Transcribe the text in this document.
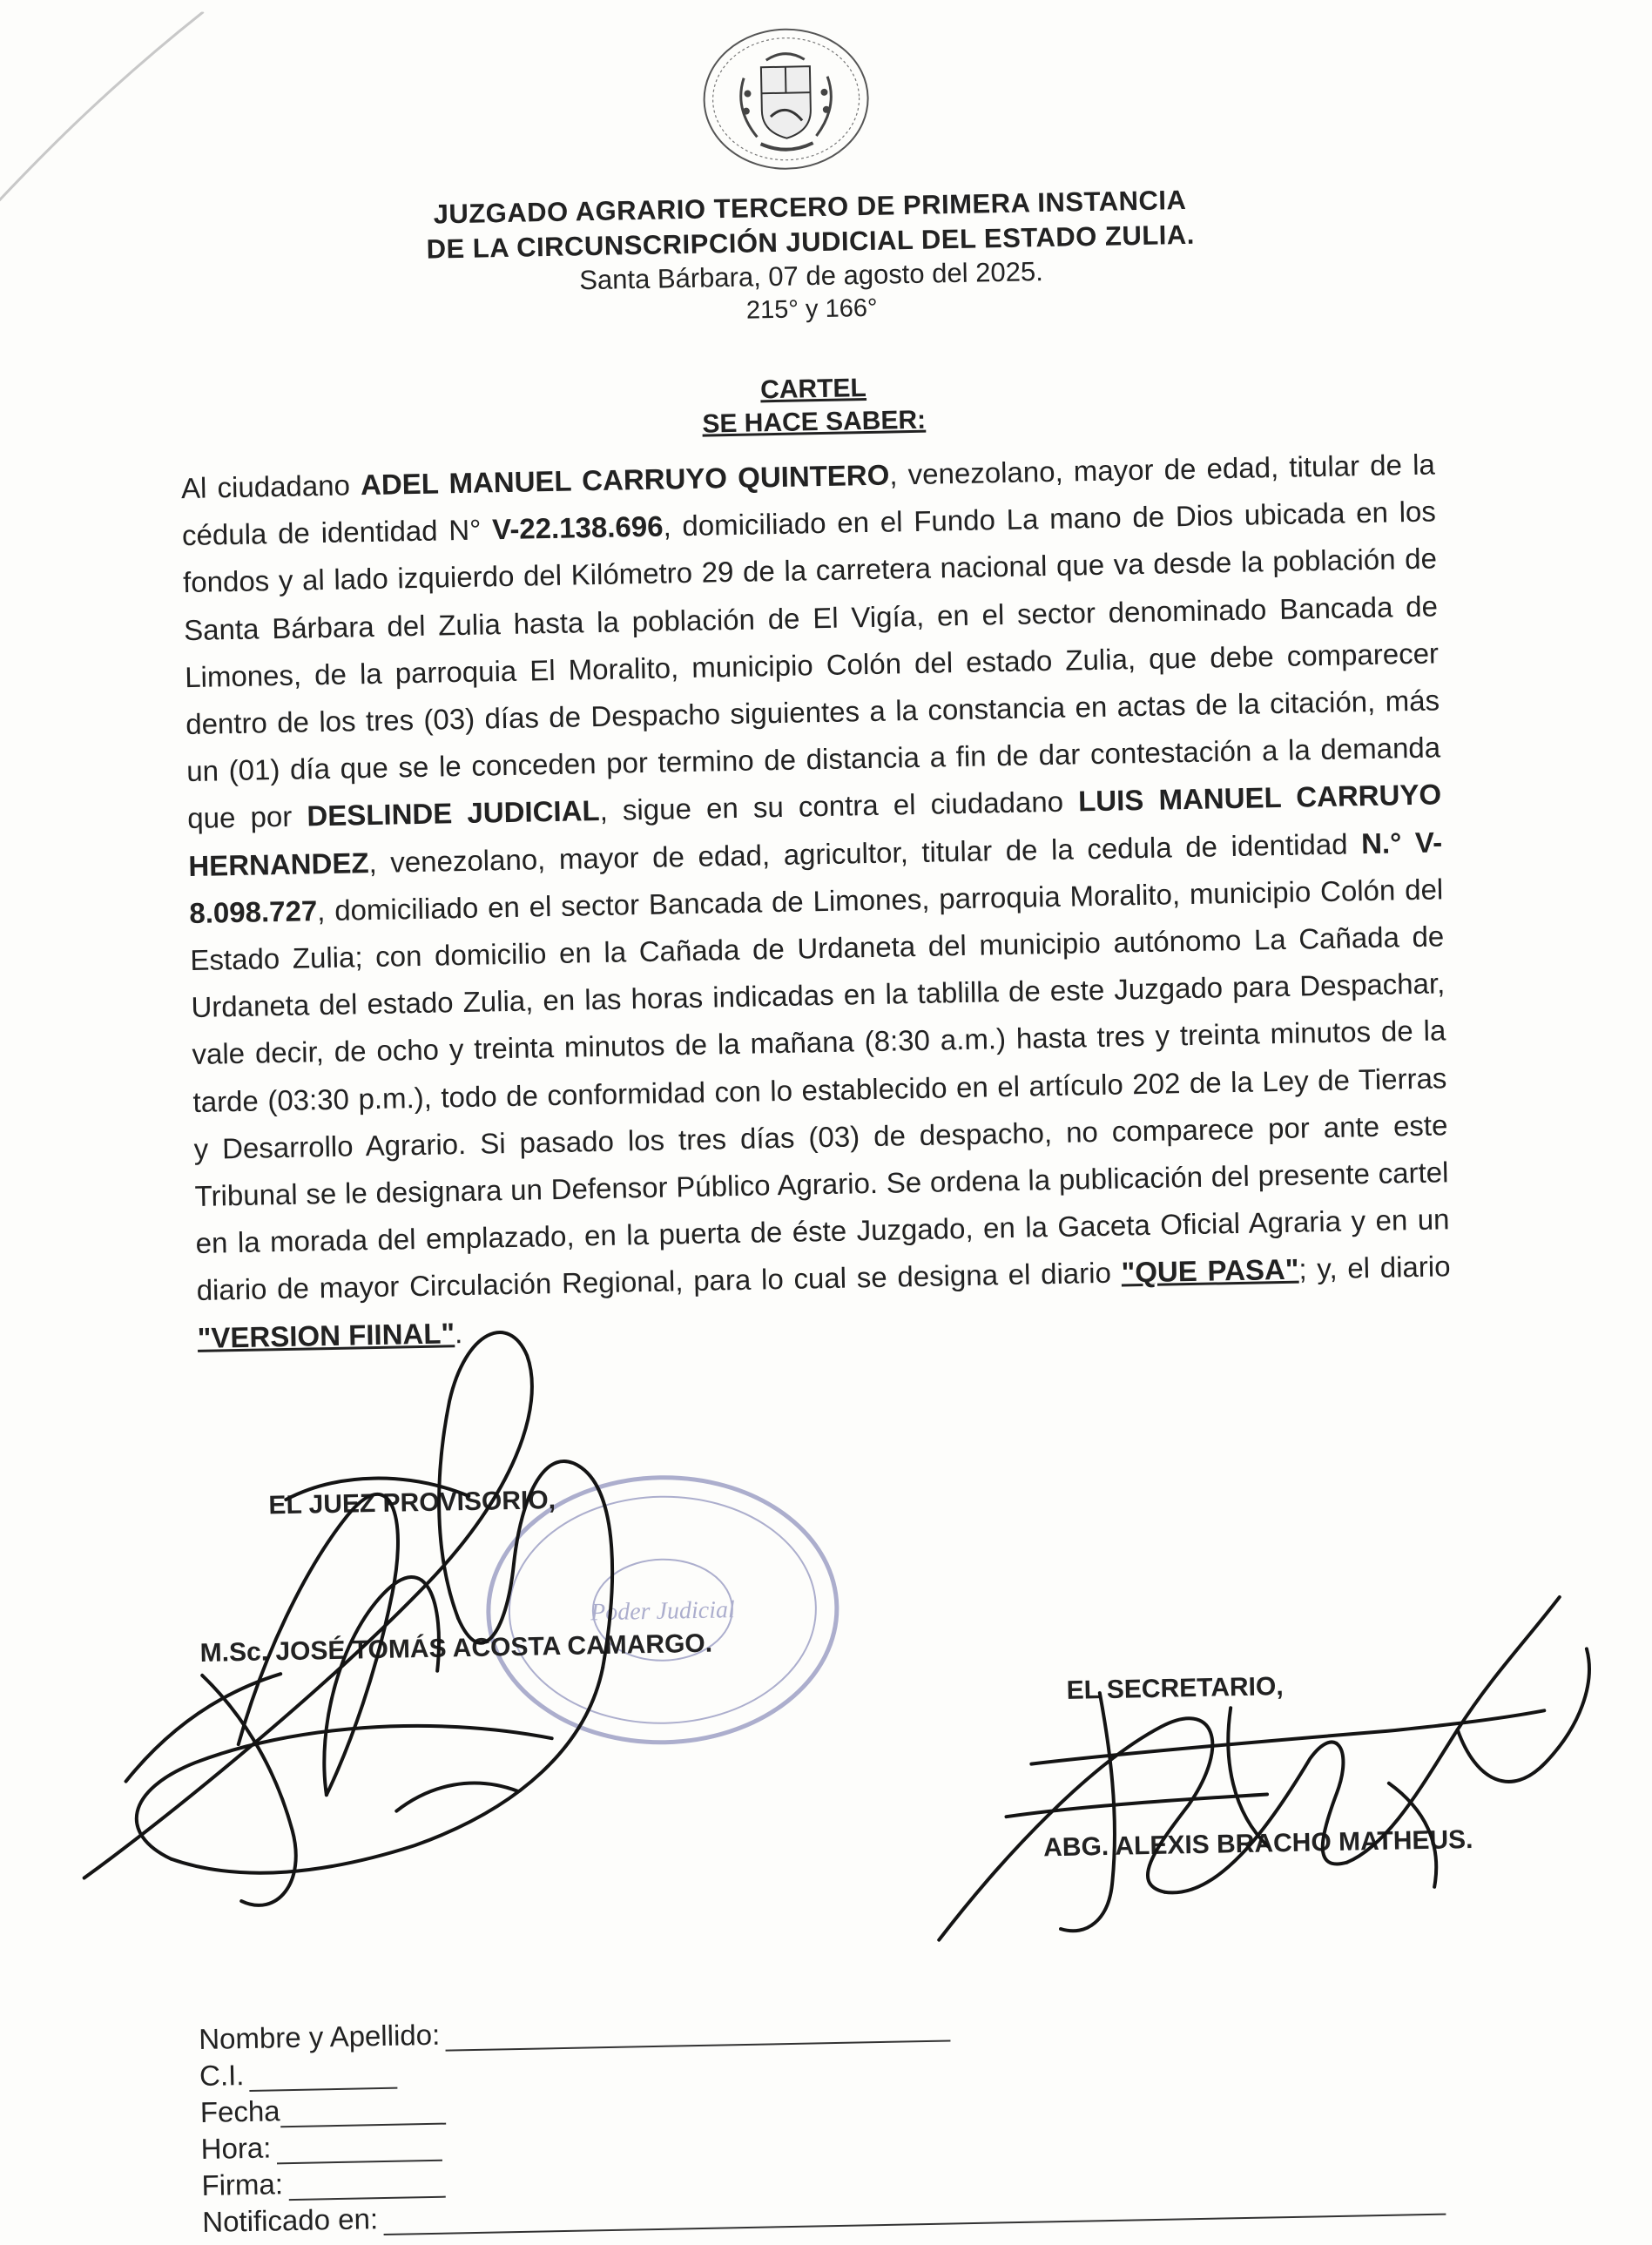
JUZGADO AGRARIO TERCERO DE PRIMERA INSTANCIA
DE LA CIRCUNSCRIPCIÓN JUDICIAL DEL ESTADO ZULIA.
Santa Bárbara, 07 de agosto del 2025.
215° y 166°
CARTEL
SE HACE SABER:
Al ciudadano ADEL MANUEL CARRUYO QUINTERO, venezolano, mayor de edad, titular de la cédula de identidad N° V-22.138.696, domiciliado en el Fundo La mano de Dios ubicada en los fondos y al lado izquierdo del Kilómetro 29 de la carretera nacional que va desde la población de Santa Bárbara del Zulia hasta la población de El Vigía, en el sector denominado Bancada de Limones, de la parroquia El Moralito, municipio Colón del estado Zulia, que debe comparecer dentro de los tres (03) días de Despacho siguientes a la constancia en actas de la citación, más un (01) día que se le conceden por termino de distancia a fin de dar contestación a la demanda que por DESLINDE JUDICIAL, sigue en su contra el ciudadano LUIS MANUEL CARRUYO HERNANDEZ, venezolano, mayor de edad, agricultor, titular de la cedula de identidad N.° V- 8.098.727, domiciliado en el sector Bancada de Limones, parroquia Moralito, municipio Colón del Estado Zulia; con domicilio en la Cañada de Urdaneta del municipio autónomo La Cañada de Urdaneta del estado Zulia, en las horas indicadas en la tablilla de este Juzgado para Despachar, vale decir, de ocho y treinta minutos de la mañana (8:30 a.m.) hasta tres y treinta minutos de la tarde (03:30 p.m.), todo de conformidad con lo establecido en el artículo 202 de la Ley de Tierras y Desarrollo Agrario. Si pasado los tres días (03) de despacho, no comparece por ante este Tribunal se le designara un Defensor Público Agrario. Se ordena la publicación del presente cartel en la morada del emplazado, en la puerta de éste Juzgado, en la Gaceta Oficial Agraria y en un diario de mayor Circulación Regional, para lo cual se designa el diario "QUE PASA"; y, el diario "VERSION FIINAL".
Poder Judicial
EL JUEZ PROVISORIO,
M.Sc. JOSÉ TOMÁS ACOSTA CAMARGO.
EL SECRETARIO,
ABG. ALEXIS BRACHO MATHEUS.
Nombre y Apellido:
C.I.
Fecha
Hora:
Firma:
Notificado en:
